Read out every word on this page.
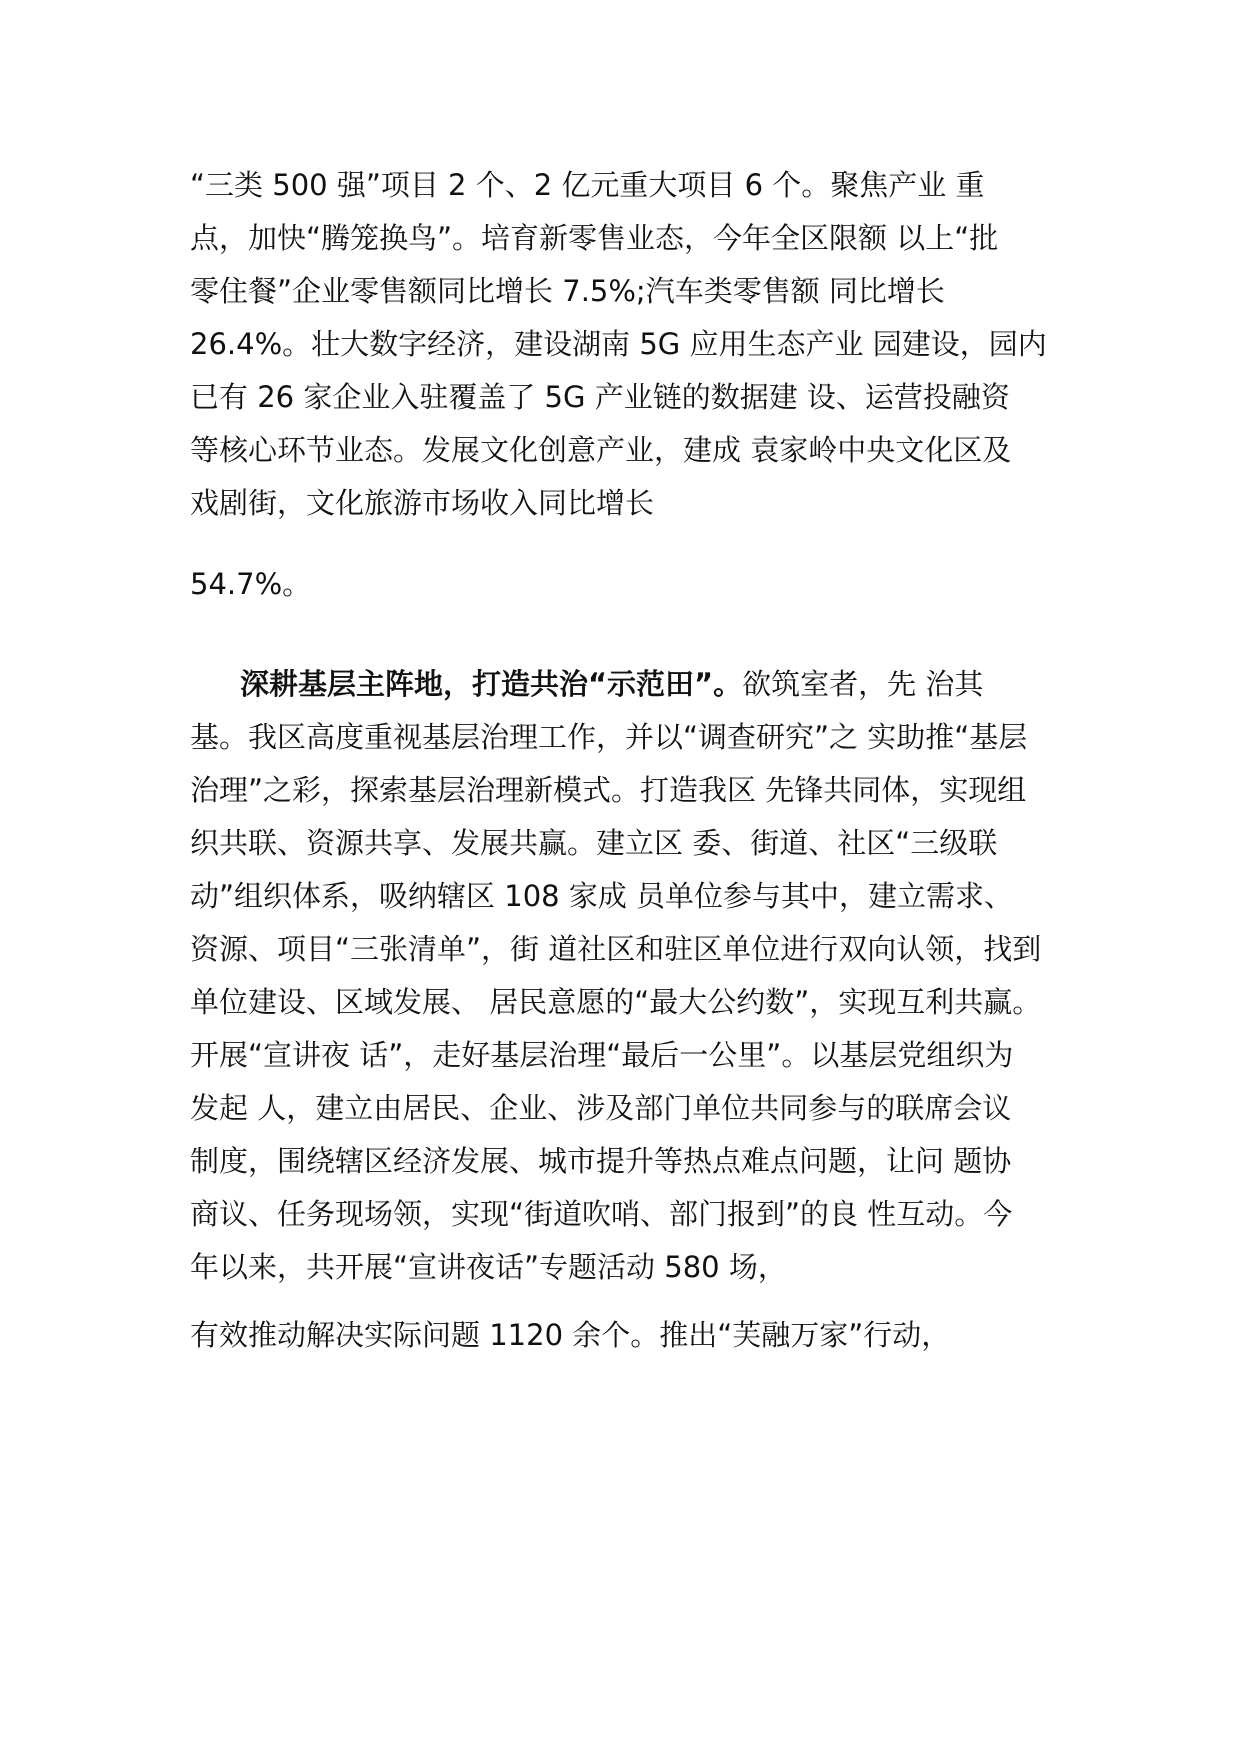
“三类 500 强”项目 2 个、2 亿元重大项目 6 个。聚焦产业 重
点，加快“腾笼换鸟”。培育新零售业态，今年全区限额 以上“批
零住餐”企业零售额同比增长 7.5%;汽车类零售额 同比增长
26.4%。壮大数字经济，建设湖南 5G 应用生态产业 园建设，园内
已有 26 家企业入驻覆盖了 5G 产业链的数据建 设、运营投融资
等核心环节业态。发展文化创意产业，建成 袁家岭中央文化区及
戏剧街，文化旅游市场收入同比增长
54.7%。
深耕基层主阵地，打造共治“示范田”。欲筑室者，先 治其
基。我区高度重视基层治理工作，并以“调查研究”之 实助推“基层
治理”之彩，探索基层治理新模式。打造我区 先锋共同体，实现组
织共联、资源共享、发展共赢。建立区 委、街道、社区“三级联
动”组织体系，吸纳辖区 108 家成 员单位参与其中，建立需求、
资源、项目“三张清单”，街 道社区和驻区单位进行双向认领，找到
单位建设、区域发展、 居民意愿的“最大公约数”，实现互利共赢。
开展“宣讲夜 话”，走好基层治理“最后一公里”。以基层党组织为
发起 人，建立由居民、企业、涉及部门单位共同参与的联席会议
制度，围绕辖区经济发展、城市提升等热点难点问题，让问 题协
商议、任务现场领，实现“街道吹哨、部门报到”的良 性互动。今
年以来，共开展“宣讲夜话”专题活动 580 场，
有效推动解决实际问题 1120 余个。推出“芙融万家”行动，
